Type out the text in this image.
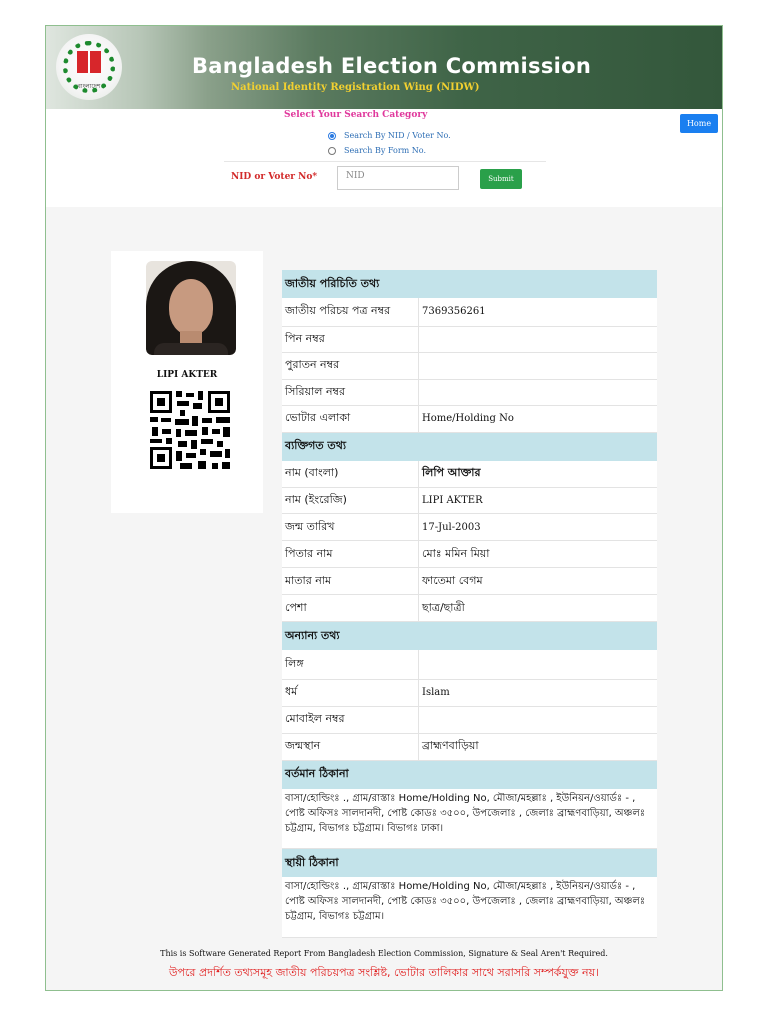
বাংলাদেশ
Bangladesh Election Commission
National Identity Registration Wing (NIDW)
Select Your Search Category
Search By NID / Voter No.
Search By Form No.
Home
NID or Voter No*	NID	Submit
LIPI AKTER
জাতীয় পরিচিতি তথ্য	
জাতীয় পরিচয় পত্র নম্বর	7369356261
পিন নম্বর	
পুরাতন নম্বর	
সিরিয়াল নম্বর	
ভোটার এলাকা	Home/Holding No
ব্যক্তিগত তথ্য	
নাম (বাংলা)	লিপি আক্তার
নাম (ইংরেজি)	LIPI AKTER
জন্ম তারিখ	17-Jul-2003
পিতার নাম	মোঃ মমিন মিয়া
মাতার নাম	ফাতেমা বেগম
পেশা	ছাত্র/ছাত্রী
অন্যান্য তথ্য	
লিঙ্গ	
ধর্ম	Islam
মোবাইল নম্বর	
জন্মস্থান	ব্রাহ্মণবাড়িয়া
বর্তমান ঠিকানা	
বাসা/হোল্ডিংঃ ., গ্রাম/রাস্তাঃ Home/Holding No, মৌজা/মহল্লাঃ , ইউনিয়ন/ওয়ার্ডঃ - , পোষ্ট অফিসঃ সালদানদী, পোষ্ট কোডঃ ৩৫০০, উপজেলাঃ , জেলাঃ ব্রাহ্মণবাড়িয়া, অঞ্চলঃ চট্টগ্রাম, বিভাগঃ চট্টগ্রাম। বিভাগঃ ঢাকা।	
স্থায়ী ঠিকানা	
বাসা/হোল্ডিংঃ ., গ্রাম/রাস্তাঃ Home/Holding No, মৌজা/মহল্লাঃ , ইউনিয়ন/ওয়ার্ডঃ - , পোষ্ট অফিসঃ সালদানদী, পোষ্ট কোডঃ ৩৫০০, উপজেলাঃ , জেলাঃ ব্রাহ্মণবাড়িয়া, অঞ্চলঃ চট্টগ্রাম, বিভাগঃ চট্টগ্রাম।	
This is Software Generated Report From Bangladesh Election Commission, Signature & Seal Aren't Required.
উপরে প্রদর্শিত তথ্যসমূহ জাতীয় পরিচয়পত্র সংশ্লিষ্ট, ভোটার তালিকার সাথে সরাসরি সম্পর্কযুক্ত নয়।
